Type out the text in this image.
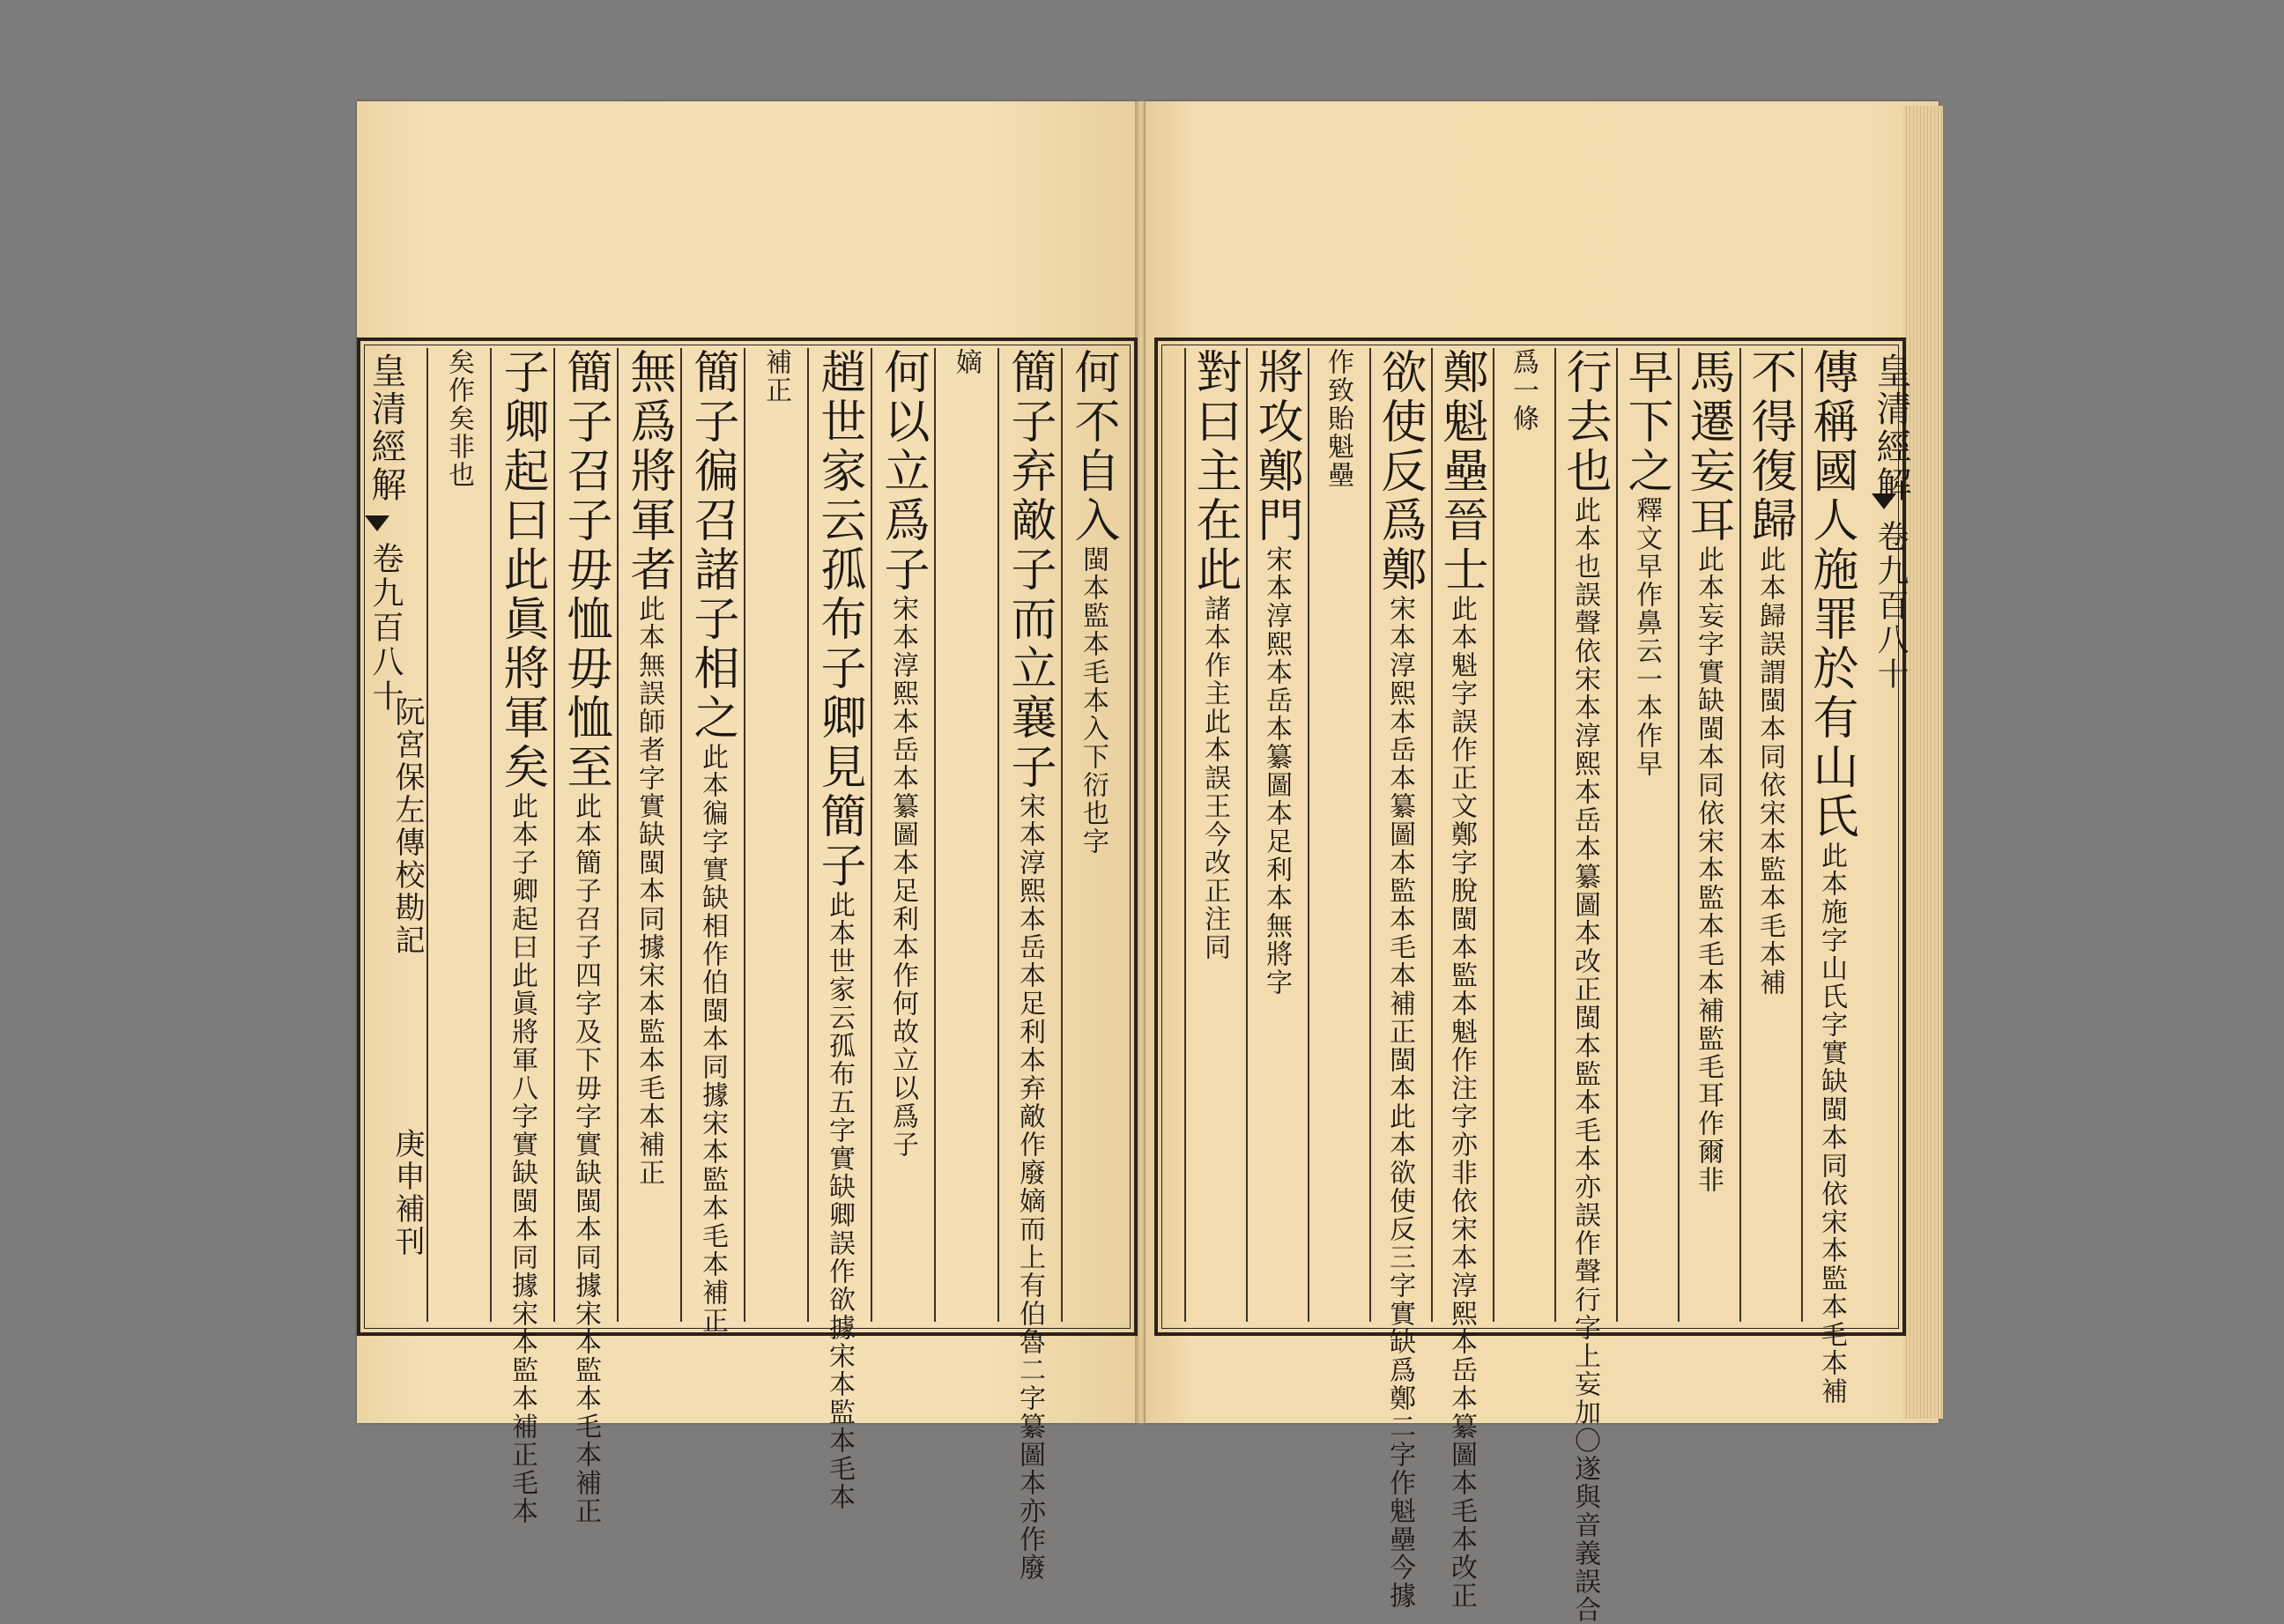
皇清經解
卷九百八十
阮宮保左傳校勘記
庚申補刊
皇清經解
卷九百八十
何不自入閩本監本毛本入下衍也字
簡子弃敵子而立襄子宋本淳熙本岳本足利本弃敵作廢嫡而上有伯魯二字纂圖本亦作廢
嫡
何以立爲子宋本淳熙本岳本纂圖本足利本作何故立以爲子
趙世家云孤布子卿見簡子此本世家云孤布五字實缺卿誤作欲據宋本監本毛本
補正
簡子徧召諸子相之此本徧字實缺相作伯閩本同據宋本監本毛本補正
無爲將軍者此本無誤師者字實缺閩本同據宋本監本毛本補正
簡子召子毋恤毋恤至此本簡子召子四字及下毋字實缺閩本同據宋本監本毛本補正
子卿起曰此眞將軍矣此本子卿起曰此眞將軍八字實缺閩本同據宋本監本補正毛本
矣作矣非也	傳稱國人施罪於有山氏此本施字山氏字實缺閩本同依宋本監本毛本補
不得復歸此本歸誤謂閩本同依宋本監本毛本補
馬遷妄耳此本妄字實缺閩本同依宋本監本毛本補監毛耳作爾非
早下之釋文早作鼻云一本作早
行去也此本也誤聲依宋本淳熙本岳本纂圖本改正閩本監本毛本亦誤作聲行字上妄加〇遂與音義誤合
爲一條
鄭魁壘晉士此本魁字誤作正文鄭字脫閩本監本魁作注字亦非依宋本淳熙本岳本纂圖本毛本改正
欲使反爲鄭宋本淳熙本岳本纂圖本監本毛本補正閩本此本欲使反三字實缺爲鄭二字作魁壘今據
作致貽魁壘
將攻鄭門宋本淳熙本岳本纂圖本足利本無將字
對曰主在此諸本作主此本誤王今改正注同
